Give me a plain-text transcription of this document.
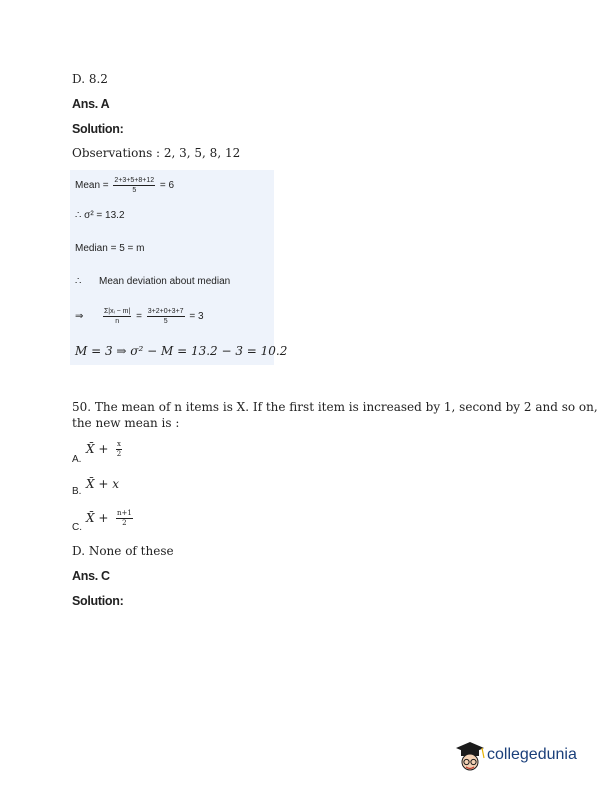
D. 8.2
Ans. A
Solution:
Observations : 2, 3, 5, 8, 12
Mean = $\frac{2+3+5+8+12}{5} = 6$
∴ σ² = 13.2
Median = 5 = m
∴ Mean deviation about median
⇒	$\frac{\text{Σ|xᵢ − m|}}{n} = \frac{3+2+0+3+7}{5} = 3$
M = 3 ⇒ σ² − M = 13.2 − 3 = 10.2
50. The mean of n items is X. If the first item is increased by 1, second by 2 and so on,
the new mean is :
A.
X̄ + $\frac{x}{2}$
B.
X̄ + x
C.
X̄ + $\frac{n+1}{2}$
D. None of these
Ans. C
Solution:
collegedunia
